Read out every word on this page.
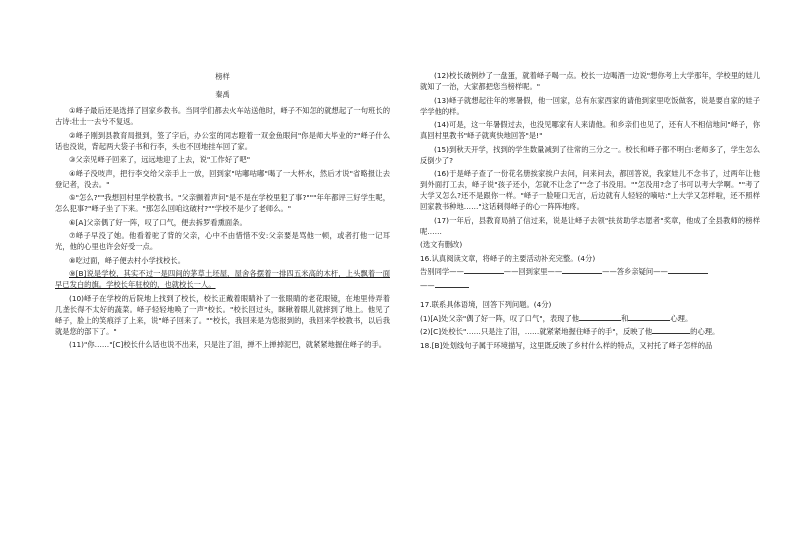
榜样
秦禹
①峄子最后还是选择了回家乡教书。当同学们都去火车站送他时，峄子不知怎的就想起了一句班长的古诗:壮士一去兮不复返。
②峄子刚到县教育局报到，签了字后，办公室的同志瞪着一双金鱼眼问"你是师大毕业的?"峄子什么话也没说，背起两大袋子书和行李，头也不回地挂车回了家。
③父亲见峄子回来了，远远地迎了上去，说"工作好了吧"
④峄子没吱声，把行李交给父亲手上一放，回到家"咕嘟咕嘟"喝了一大杯水，然后才说"省略报让去登记者，没去。"
⑤"怎么?""我想回村里学校教书。"父亲颤着声问"是不是在学校里犯了事?"""年年都评三好学生呢，怎么犯事?"峄子坐了下来。"那怎么回咱这破村?""学校不是少了老师么。"
⑥[A]父亲偶了好一阵，叹了口气，便去拆罗看熏面条。
⑦峄子早没了她。他看着驼了背的父亲，心中不由惜惜不安:父亲要是骂他一顿，或者打他一记耳光，他的心里也许会好受一点。
⑧吃过面，峄子便去村小学找校长。
⑨[B]说是学校，其实不过一是四间的茅草土坯屋，屋舍各摆着一排四五米高的木杆，上头飘着一面早已发白的旗。学校长年驻校的，也就校长一人。
(10)峄子在学校的后院地上找到了校长，校长正戴着眼睛补了一张眼睛的老花眼镜，在地里侍弄着几垄长得不太好的蔬菜。峄子轻轻地唤了一声"校长。"校长回过头，眯瞅着眼儿就摔到了地上。他见了峄子，脸上的笑痕浮了上来，说"峄子回来了。""校长，我回来是为您报到的，我回来学校教书，以后我就是您的部下了。"
(11)"你……"[C]校长什么话也说不出来，只是注了泪，掸不上掸掉泥巴，就紧紧地握住峄子的手。
(12)校长破例炒了一盘蛋，就着峄子喝一点。校长一边喝酒一边说"想你考上大学那年，学校里的娃儿就知了一治，大家都把您当榜样呢。"
(13)峄子就想起往年的寒暑假，他一回家，总有东家西家的请他到家里吃饭做客，说是要自家的娃子学学他的样。
(14)可是，这一年暑假过去，也没见哪家有人来请他。和乡亲们也见了，还有人不相信地问"峄子，你真回村里教书"峄子就爽快地回答"是!"
(15)到秋天开学，找到的学生数量减到了往常的三分之一。校长和峄子都不明白:老师多了，学生怎么反倒少了?
(16)于是峄子查了一份花名册挨家挨户去问，问来问去，都回答说，我家娃儿不念书了，过两年让他到外面打工去，峄子说"孩子还小，怎就不让念了""念了书没用。""怎没用?念了书可以考大学啊。""考了大学又怎么?还不是跟你一样。"峄子一脸哑口无言，后边就有人轻轻的嘀咕:"上大学又怎样啦，还不照样回家教书种地……"这话刺得峄子的心一阵阵地疼。
(17)一年后，县教育局捎了信过来，说是让峄子去领"扶贫助学志愿者"奖章，他成了全县教师的榜样呢……
(选文有删改)
16.认真阅读文章，将峄子的主要活动补充完整。(4分)
告别同学——	——回到家里——	——答乡亲疑问——
——
17.联系具体语境，回答下列问题。(4分)
(1)[A]处父亲"偶了好一阵，叹了口气"，表现了他	和	心理。
(2)[C]处校长"……只是注了泪，……就紧紧地握住峄子的手"，反映了他	的心理。
18.[B]处划线句子属于环境描写，这里既反映了乡村什么样的特点，又衬托了峄子怎样的品
